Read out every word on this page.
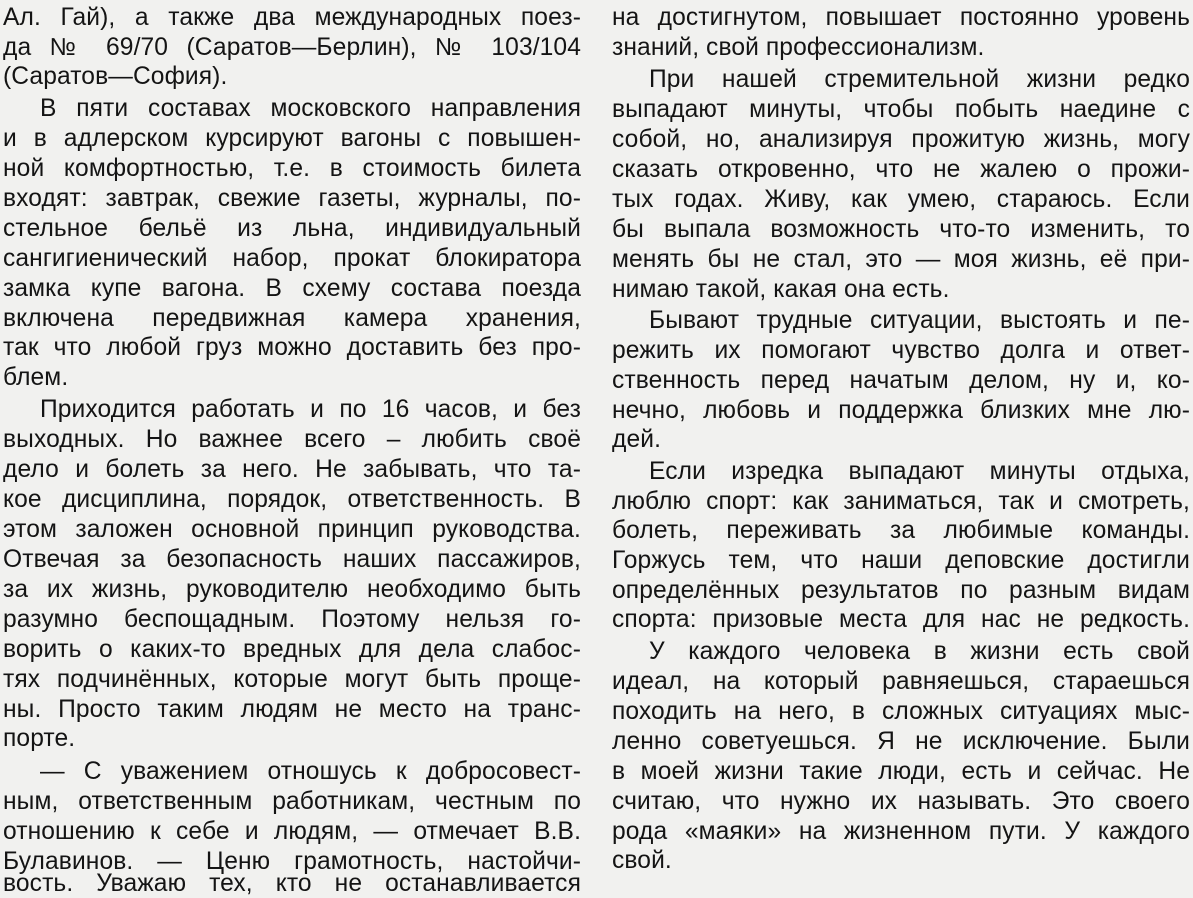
Ал. Гай), а также два международных поез-
да № 69/70 (Саратов—Берлин), № 103/104
(Саратов—София).
В пяти составах московского направления
и в адлерском курсируют вагоны с повышен-
ной комфортностью, т.е. в стоимость билета
входят: завтрак, свежие газеты, журналы, по-
стельное бельё из льна, индивидуальный
сангигиенический набор, прокат блокиратора
замка купе вагона. В схему состава поезда
включена передвижная камера хранения,
так что любой груз можно доставить без про-
блем.
Приходится работать и по 16 часов, и без
выходных. Но важнее всего – любить своё
дело и болеть за него. Не забывать, что та-
кое дисциплина, порядок, ответственность. В
этом заложен основной принцип руководства.
Отвечая за безопасность наших пассажиров,
за их жизнь, руководителю необходимо быть
разумно беспощадным. Поэтому нельзя го-
ворить о каких-то вредных для дела слабос-
тях подчинённых, которые могут быть проще-
ны. Просто таким людям не место на транс-
порте.
— С уважением отношусь к добросовест-
ным, ответственным работникам, честным по
отношению к себе и людям, — отмечает В.В.
Булавинов. — Ценю грамотность, настойчи-
вость. Уважаю тех, кто не останавливается
на достигнутом, повышает постоянно уровень
знаний, свой профессионализм.
При нашей стремительной жизни редко
выпадают минуты, чтобы побыть наедине с
собой, но, анализируя прожитую жизнь, могу
сказать откровенно, что не жалею о прожи-
тых годах. Живу, как умею, стараюсь. Если
бы выпала возможность что-то изменить, то
менять бы не стал, это — моя жизнь, её при-
нимаю такой, какая она есть.
Бывают трудные ситуации, выстоять и пе-
режить их помогают чувство долга и ответ-
ственность перед начатым делом, ну и, ко-
нечно, любовь и поддержка близких мне лю-
дей.
Если изредка выпадают минуты отдыха,
люблю спорт: как заниматься, так и смотреть,
болеть, переживать за любимые команды.
Горжусь тем, что наши деповские достигли
определённых результатов по разным видам
спорта: призовые места для нас не редкость.
У каждого человека в жизни есть свой
идеал, на который равняешься, стараешься
походить на него, в сложных ситуациях мыс-
ленно советуешься. Я не исключение. Были
в моей жизни такие люди, есть и сейчас. Не
считаю, что нужно их называть. Это своего
рода «маяки» на жизненном пути. У каждого
свой.
